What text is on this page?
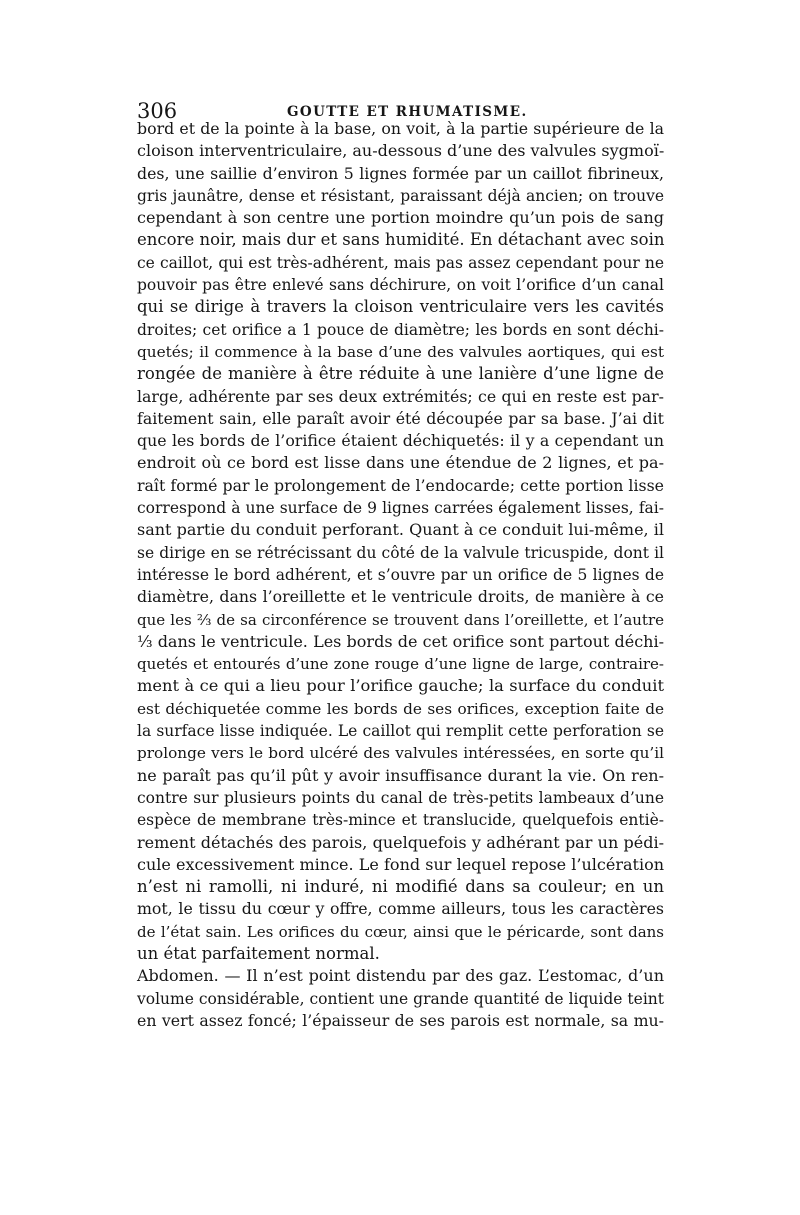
306	GOUTTE ET RHUMATISME.
bord et de la pointe à la base, on voit, à la partie supérieure de la
cloison interventriculaire, au-dessous d’une des valvules sygmoï-
des, une saillie d’environ 5 lignes formée par un caillot fibrineux,
gris jaunâtre, dense et résistant, paraissant déjà ancien; on trouve
cependant à son centre une portion moindre qu’un pois de sang
encore noir, mais dur et sans humidité. En détachant avec soin
ce caillot, qui est très-adhérent, mais pas assez cependant pour ne
pouvoir pas être enlevé sans déchirure, on voit l’orifice d’un canal
qui se dirige à travers la cloison ventriculaire vers les cavités
droites; cet orifice a 1 pouce de diamètre; les bords en sont déchi-
quetés; il commence à la base d’une des valvules aortiques, qui est
rongée de manière à être réduite à une lanière d’une ligne de
large, adhérente par ses deux extrémités; ce qui en reste est par-
faitement sain, elle paraît avoir été découpée par sa base. J’ai dit
que les bords de l’orifice étaient déchiquetés: il y a cependant un
endroit où ce bord est lisse dans une étendue de 2 lignes, et pa-
raît formé par le prolongement de l’endocarde; cette portion lisse
correspond à une surface de 9 lignes carrées également lisses, fai-
sant partie du conduit perforant. Quant à ce conduit lui-même, il
se dirige en se rétrécissant du côté de la valvule tricuspide, dont il
intéresse le bord adhérent, et s’ouvre par un orifice de 5 lignes de
diamètre, dans l’oreillette et le ventricule droits, de manière à ce
que les ⅔ de sa circonférence se trouvent dans l’oreillette, et l’autre
⅓ dans le ventricule. Les bords de cet orifice sont partout déchi-
quetés et entourés d’une zone rouge d’une ligne de large, contraire-
ment à ce qui a lieu pour l’orifice gauche; la surface du conduit
est déchiquetée comme les bords de ses orifices, exception faite de
la surface lisse indiquée. Le caillot qui remplit cette perforation se
prolonge vers le bord ulcéré des valvules intéressées, en sorte qu’il
ne paraît pas qu’il pût y avoir insuffisance durant la vie. On ren-
contre sur plusieurs points du canal de très-petits lambeaux d’une
espèce de membrane très-mince et translucide, quelquefois entiè-
rement détachés des parois, quelquefois y adhérant par un pédi-
cule excessivement mince. Le fond sur lequel repose l’ulcération
n’est ni ramolli, ni induré, ni modifié dans sa couleur; en un
mot, le tissu du cœur y offre, comme ailleurs, tous les caractères
de l’état sain. Les orifices du cœur, ainsi que le péricarde, sont dans
un état parfaitement normal.
Abdomen. — Il n’est point distendu par des gaz. L’estomac, d’un
volume considérable, contient une grande quantité de liquide teint
en vert assez foncé; l’épaisseur de ses parois est normale, sa mu-
